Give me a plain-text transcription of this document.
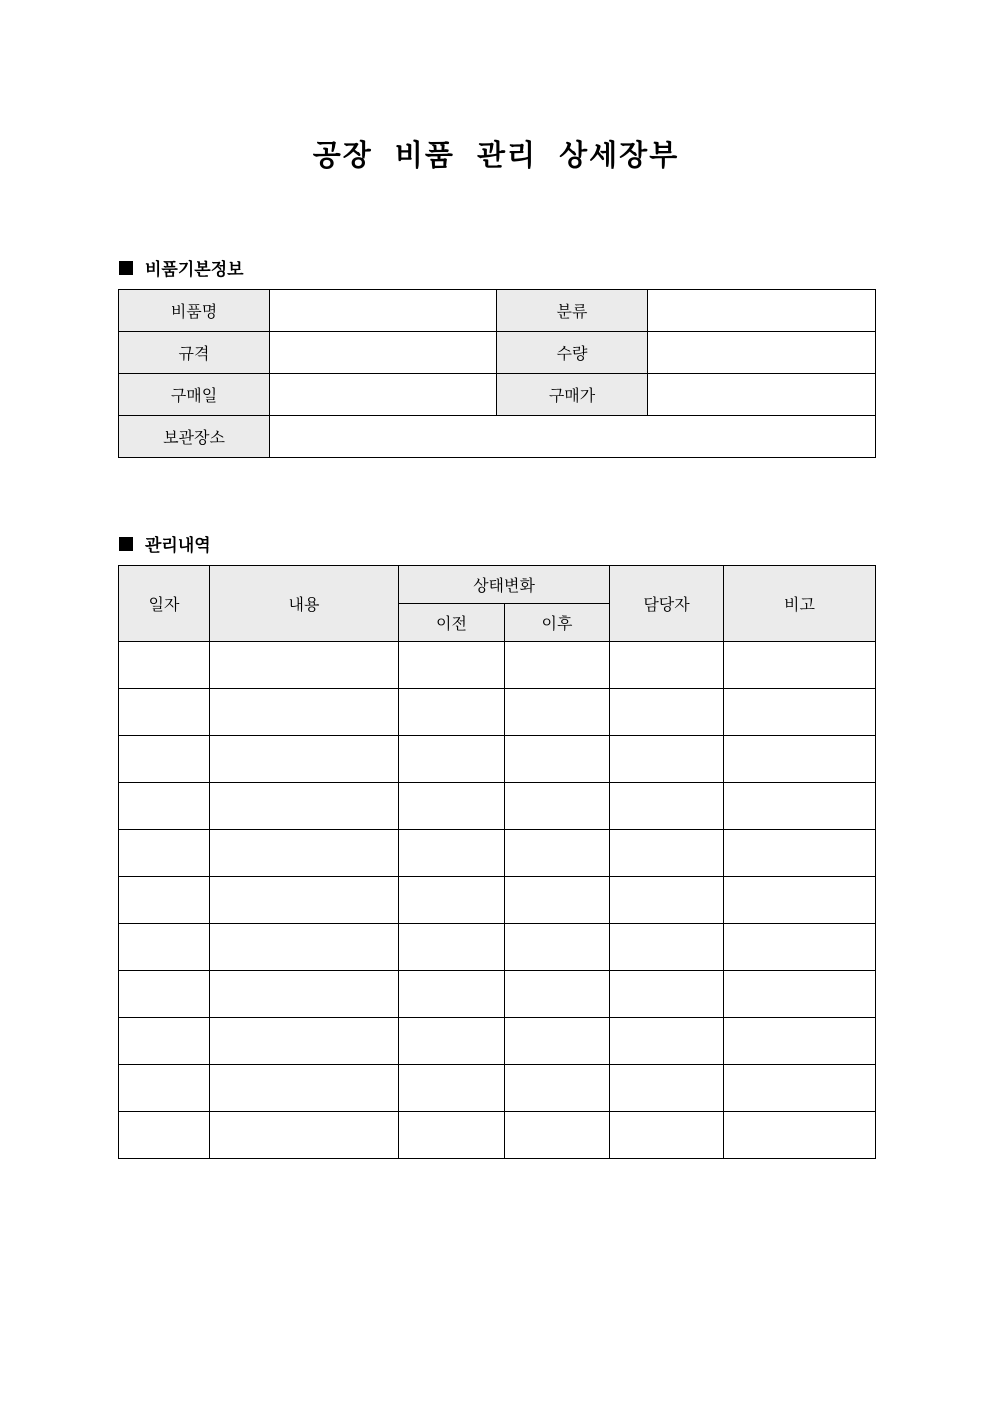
공장 비품 관리 상세장부
비품기본정보
비품명		분류	
규격		수량	
구매일		구매가	
보관장소			
관리내역
일자	내용	상태변화		담당자	비고
		이전	이후		
